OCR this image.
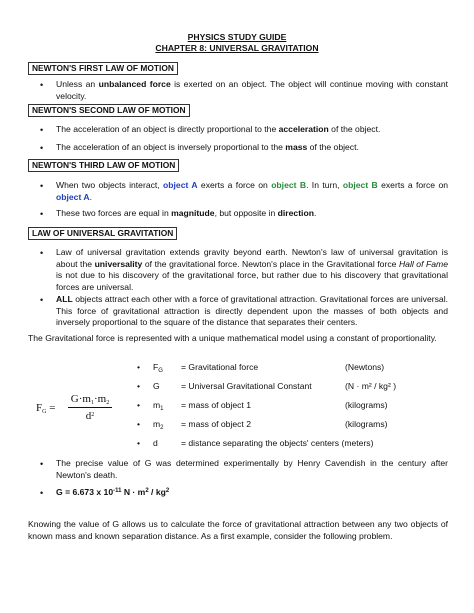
PHYSICS STUDY GUIDE
CHAPTER 8: UNIVERSAL GRAVITATION
NEWTON'S FIRST LAW OF MOTION
•	Unless an unbalanced force is exerted on an object. The object will continue moving with constant velocity.
NEWTON'S SECOND LAW OF MOTION
•	The acceleration of an object is directly proportional to the acceleration of the object.
•	The acceleration of an object is inversely proportional to the mass of the object.
NEWTON'S THIRD LAW OF MOTION
•	When two objects interact, object A exerts a force on object B. In turn, object B exerts a force on object A.
•	These two forces are equal in magnitude, but opposite in direction.
LAW OF UNIVERSAL GRAVITATION
•	Law of universal gravitation extends gravity beyond earth. Newton's law of universal gravitation is about the universality of the gravitational force. Newton's place in the Gravitational force Hall of Fame is not due to his discovery of the gravitational force, but rather due to his discovery that gravitational forces are universal.
•	ALL objects attract each other with a force of gravitational attraction. Gravitational forces are universal. This force of gravitational attraction is directly dependent upon the masses of both objects and inversely proportional to the square of the distance that separates their centers.
The Gravitational force is represented with a unique mathematical model using a constant of proportionality.
$F_G$ =
$G\cdot m_1\cdot m_2$
$d^2$
• $F_G$ = Gravitational force	(Newtons)
• G = Universal Gravitational Constant	(N · m² / kg² )
• $m_1$ = mass of object 1	(kilograms)
• $m_2$ = mass of object 2	(kilograms)
• d	= distance separating the objects' centers (meters)
•	The precise value of G was determined experimentally by Henry Cavendish in the century after Newton's death.
•	G = 6.673 x $10^{-11}$ $N \cdot m^2 / kg^2$
Knowing the value of G allows us to calculate the force of gravitational attraction between any two objects of known mass and known separation distance. As a first example, consider the following problem.
